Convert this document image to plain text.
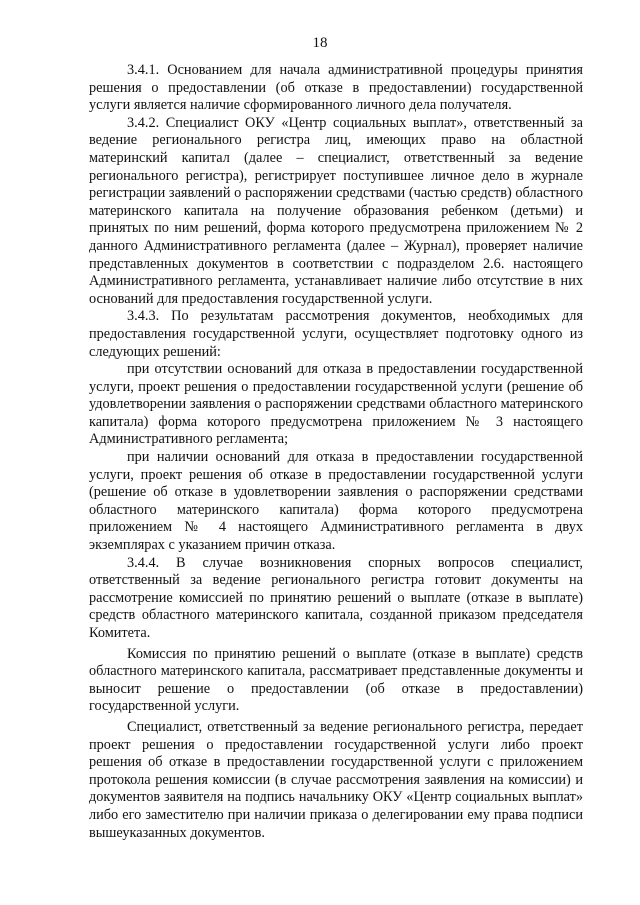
18

3.4.1. Основанием для начала административной процедуры принятия решения о предоставлении (об отказе в предоставлении) государственной услуги является наличие сформированного личного дела получателя.

3.4.2. Специалист ОКУ «Центр социальных выплат», ответственный за ведение регионального регистра лиц, имеющих право на областной материнский капитал (далее – специалист, ответственный за ведение регионального регистра), регистрирует поступившее личное дело в журнале регистрации заявлений о распоряжении средствами (частью средств) областного материнского капитала на получение образования ребенком (детьми) и принятых по ним решений, форма которого предусмотрена приложением № 2 данного Административного регламента (далее – Журнал), проверяет наличие представленных документов в соответствии с подразделом 2.6. настоящего Административного регламента, устанавливает наличие либо отсутствие в них оснований для предоставления государственной услуги.

3.4.3. По результатам рассмотрения документов, необходимых для предоставления государственной услуги, осуществляет подготовку одного из следующих решений:

при отсутствии оснований для отказа в предоставлении государственной услуги, проект решения о предоставлении государственной услуги (решение об удовлетворении заявления о распоряжении средствами областного материнского капитала) форма которого предусмотрена приложением № 3 настоящего Административного регламента;

при наличии оснований для отказа в предоставлении государственной услуги, проект решения об отказе в предоставлении государственной услуги (решение об отказе в удовлетворении заявления о распоряжении средствами областного материнского капитала) форма которого предусмотрена приложением № 4 настоящего Административного регламента в двух экземплярах с указанием причин отказа.

3.4.4. В случае возникновения спорных вопросов специалист, ответственный за ведение регионального регистра готовит документы на рассмотрение комиссией по принятию решений о выплате (отказе в выплате) средств областного материнского капитала, созданной приказом председателя Комитета.

Комиссия по принятию решений о выплате (отказе в выплате) средств областного материнского капитала, рассматривает представленные документы и выносит решение о предоставлении (об отказе в предоставлении) государственной услуги.

Специалист, ответственный за ведение регионального регистра, передает проект решения о предоставлении государственной услуги либо проект решения об отказе в предоставлении государственной услуги с приложением протокола решения комиссии (в случае рассмотрения заявления на комиссии) и документов заявителя на подпись начальнику ОКУ «Центр социальных выплат» либо его заместителю при наличии приказа о делегировании ему права подписи вышеуказанных документов.
